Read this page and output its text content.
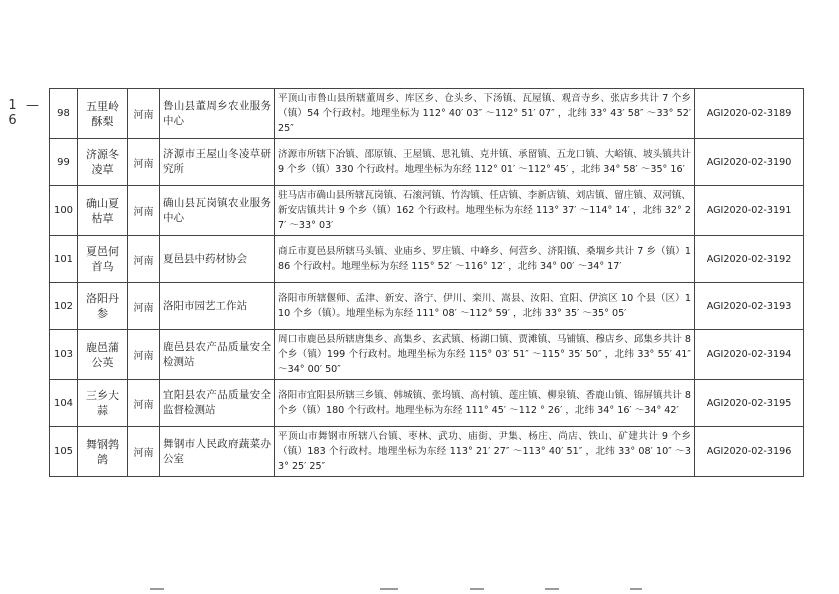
—
16	98	五里岭酥梨	河南	鲁山县董周乡农业服务中心	平顶山市鲁山县所辖董周乡、库区乡、仓头乡、下汤镇、瓦屋镇、观音寺乡、张店乡共计 7 个乡（镇）54 个行政村。地理坐标为 112° 40′ 03″ ～112° 51′ 07″ ，北纬 33° 43′ 58″ ～33° 52′ 25″	AGI2020-02-3189
99	济源冬凌草	河南	济源市王屋山冬凌草研究所	济源市所辖下冶镇、邵原镇、王屋镇、思礼镇、克井镇、承留镇、五龙口镇、大峪镇、坡头镇共计 9 个乡（镇）330 个行政村。地理坐标为东经 112° 01′ ～112° 45′ ，北纬 34° 58′ ～35° 16′	AGI2020-02-3190
100	确山夏枯草	河南	确山县瓦岗镇农业服务中心	驻马店市确山县所辖瓦岗镇、石滚河镇、竹沟镇、任店镇、李新店镇、刘店镇、留庄镇、双河镇、新安店镇共计 9 个乡（镇）162 个行政村。地理坐标为东经 113° 37′ ～114° 14′ ，北纬 32° 27′ ～33° 03′	AGI2020-02-3191
101	夏邑何首乌	河南	夏邑县中药材协会	商丘市夏邑县所辖马头镇、业庙乡、罗庄镇、中峰乡、何营乡、济阳镇、桑堌乡共计 7 乡（镇）186 个行政村。地理坐标为东经 115° 52′ ～116° 12′ ，北纬 34° 00′ ～34° 17′	AGI2020-02-3192
102	洛阳丹参	河南	洛阳市园艺工作站	洛阳市所辖偃师、孟津、新安、洛宁、伊川、栾川、嵩县、汝阳、宜阳、伊滨区 10 个县（区）110 个乡（镇）。地理坐标为东经 111° 08′ ～112° 59′ ，北纬 33° 35′ ～35° 05′	AGI2020-02-3193
103	鹿邑蒲公英	河南	鹿邑县农产品质量安全检测站	周口市鹿邑县所辖唐集乡、高集乡、玄武镇、杨湖口镇、贾滩镇、马铺镇、穆店乡、邱集乡共计 8 个乡（镇）199 个行政村。地理坐标为东经 115° 03′ 51″ ～115° 35′ 50″ ，北纬 33° 55′ 41″ ～34° 00′ 50″	AGI2020-02-3194
104	三乡大蒜	河南	宜阳县农产品质量安全监督检测站	洛阳市宜阳县所辖三乡镇、韩城镇、张坞镇、高村镇、莲庄镇、柳泉镇、香鹿山镇、锦屏镇共计 8 个乡（镇）180 个行政村。地理坐标为东经 111° 45′ ～112 ° 26′ ，北纬 34° 16′ ～34° 42′	AGI2020-02-3195
105	舞钢鹁鸽	河南	舞钢市人民政府蔬菜办公室	平顶山市舞钢市所辖八台镇、枣林、武功、庙街、尹集、杨庄、尚店、铁山、矿建共计 9 个乡（镇）183 个行政村。地理坐标为东经 113° 21′ 27″ ～113° 40′ 51″ ，北纬 33° 08′ 10″ ～33° 25′ 25″	AGI2020-02-3196
